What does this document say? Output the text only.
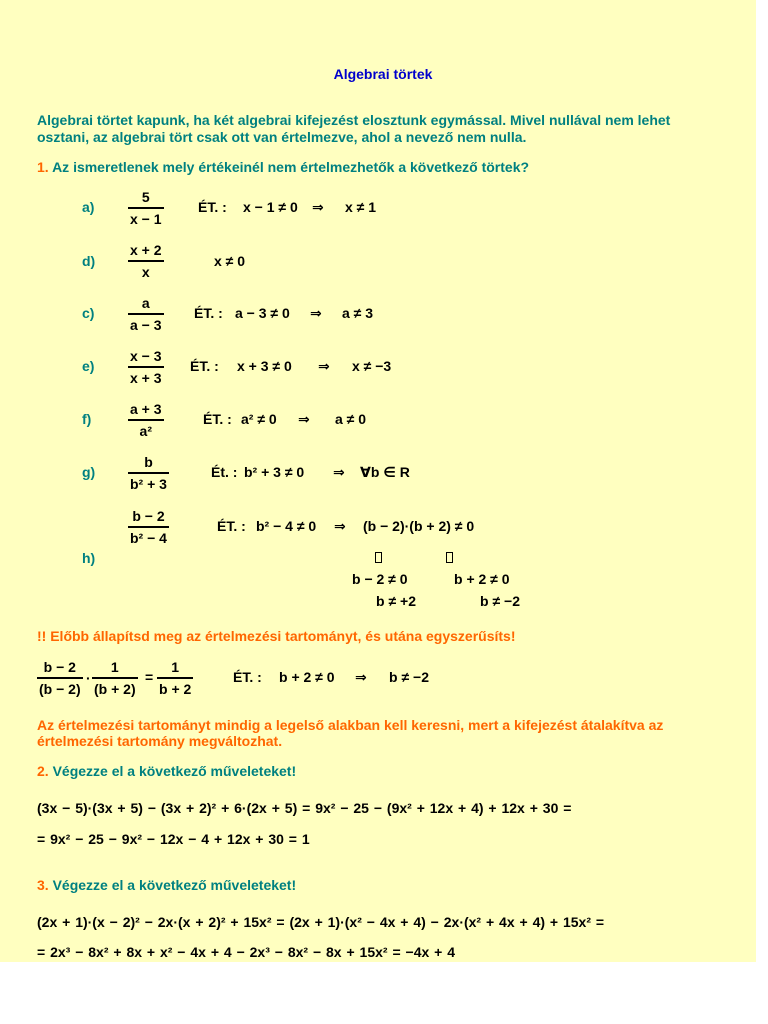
Algebrai törtek
Algebrai törtet kapunk, ha két algebrai kifejezést elosztunk egymással. Mivel nullával nem lehet
osztani, az algebrai tört csak ott van értelmezve, ahol a nevező nem nulla.
1. Az ismeretlenek mely értékeinél nem értelmezhetők a következő törtek?
a)
5
x − 1
ÉT. : x − 1 ≠ 0 ⇒ x ≠ 1
d)
x + 2
x
x ≠ 0
c)
a
a − 3
ÉT. : a − 3 ≠ 0 ⇒ a ≠ 3
e)
x − 3
x + 3
ÉT. : x + 3 ≠ 0 ⇒ x ≠ −3
f)
a + 3
a²
ÉT. : a² ≠ 0 ⇒ a ≠ 0
g)
b
b² + 3
Ét. : b² + 3 ≠ 0 ⇒ ∀b ∈ R
b − 2
b² − 4
ÉT. : b² − 4 ≠ 0 ⇒ (b − 2)·(b + 2) ≠ 0
h)
b − 2 ≠ 0	b + 2 ≠ 0
b ≠ +2	b ≠ −2
!! Előbb állapítsd meg az értelmezési tartományt, és utána egyszerűsíts!
b − 2
(b − 2)
·
1
(b + 2)
=
1
b + 2
ÉT. : b + 2 ≠ 0 ⇒ b ≠ −2
Az értelmezési tartományt mindig a legelső alakban kell keresni, mert a kifejezést átalakítva az
értelmezési tartomány megváltozhat.
2. Végezze el a következő műveleteket!
(3x − 5)·(3x + 5) − (3x + 2)² + 6·(2x + 5) = 9x² − 25 − (9x² + 12x + 4) + 12x + 30 =
= 9x² − 25 − 9x² − 12x − 4 + 12x + 30 = 1
3. Végezze el a következő műveleteket!
(2x + 1)·(x − 2)² − 2x·(x + 2)² + 15x² = (2x + 1)·(x² − 4x + 4) − 2x·(x² + 4x + 4) + 15x² =
= 2x³ − 8x² + 8x + x² − 4x + 4 − 2x³ − 8x² − 8x + 15x² = −4x + 4
